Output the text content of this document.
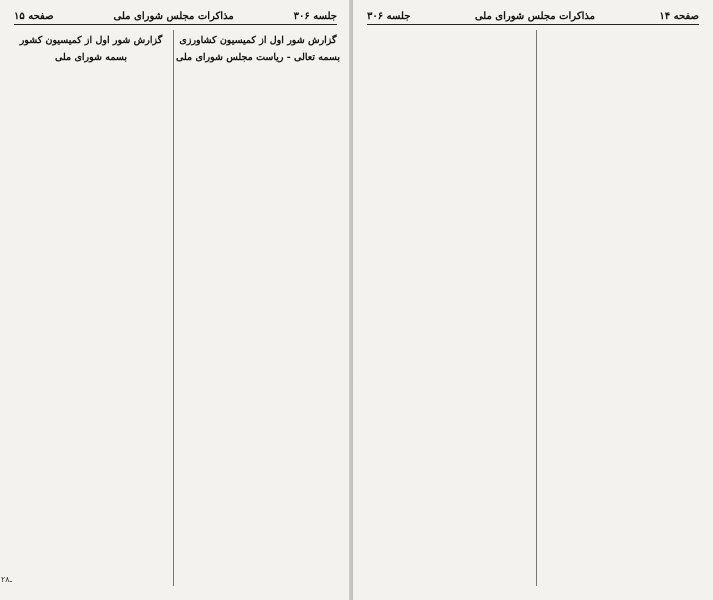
جلسه ۳۰۶
مذاکرات مجلس شورای ملی
صفحه ۱۵
گزارش شور اول از کمیسیون کشاورزی
بسمه تعالی - ریاست مجلس شورای ملی
گزارش شور اول از کمیسیون کشور
بسمه شورای ملی
صفحه ۱۴
مذاکرات مجلس شورای ملی
جلسه ۳۰۶
ـ۲۸
